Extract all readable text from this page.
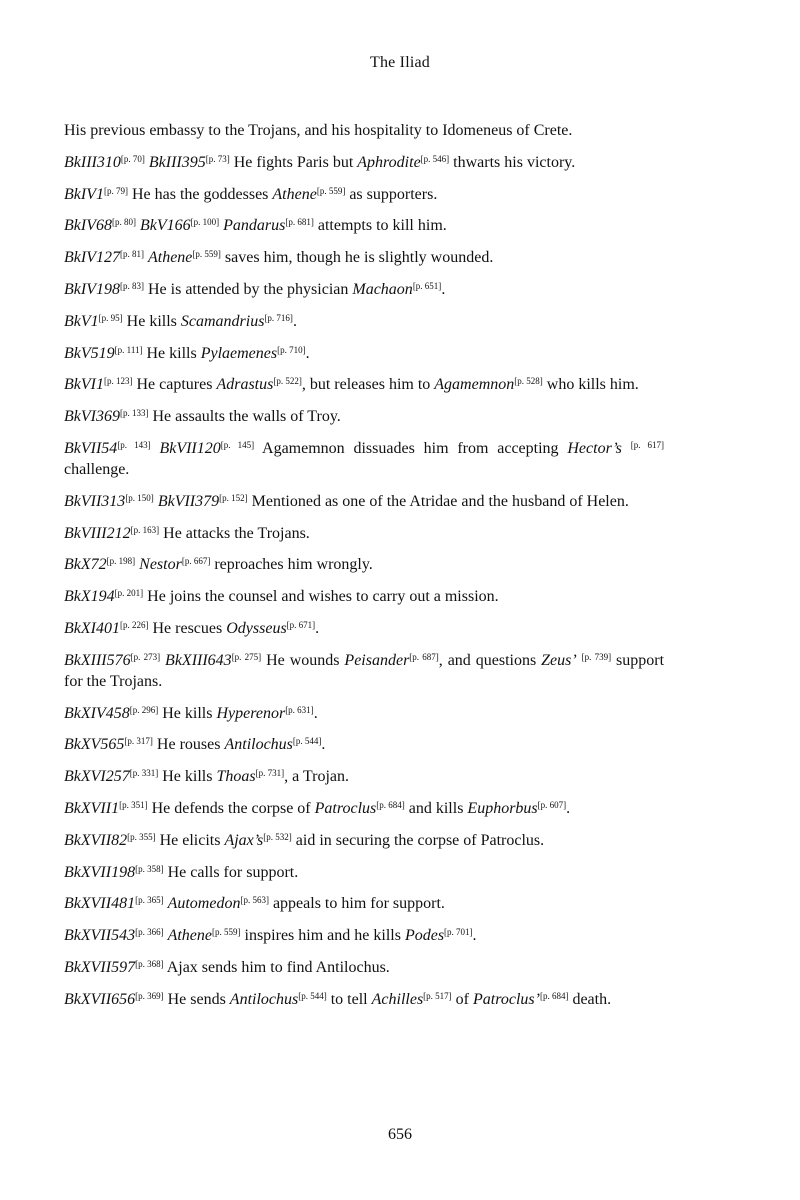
The Iliad
His previous embassy to the Trojans, and his hospitality to Idomeneus of Crete.
BkIII310[p. 70] BkIII395[p. 73] He fights Paris but Aphrodite[p. 546] thwarts his victory.
BkIV1[p. 79] He has the goddesses Athene[p. 559] as supporters.
BkIV68[p. 80] BkV166[p. 100] Pandarus[p. 681] attempts to kill him.
BkIV127[p. 81] Athene[p. 559] saves him, though he is slightly wounded.
BkIV198[p. 83] He is attended by the physician Machaon[p. 651].
BkV1[p. 95] He kills Scamandrius[p. 716].
BkV519[p. 111] He kills Pylaemenes[p. 710].
BkVI1[p. 123] He captures Adrastus[p. 522], but releases him to Agamemnon[p. 528] who kills him.
BkVI369[p. 133] He assaults the walls of Troy.
BkVII54[p. 143] BkVII120[p. 145] Agamemnon dissuades him from accepting Hector’s [p. 617] challenge.
BkVII313[p. 150] BkVII379[p. 152] Mentioned as one of the Atridae and the husband of Helen.
BkVIII212[p. 163] He attacks the Trojans.
BkX72[p. 198] Nestor[p. 667] reproaches him wrongly.
BkX194[p. 201] He joins the counsel and wishes to carry out a mission.
BkXI401[p. 226] He rescues Odysseus[p. 671].
BkXIII576[p. 273] BkXIII643[p. 275] He wounds Peisander[p. 687], and questions Zeus’ [p. 739] support for the Trojans.
BkXIV458[p. 296] He kills Hyperenor[p. 631].
BkXV565[p. 317] He rouses Antilochus[p. 544].
BkXVI257[p. 331] He kills Thoas[p. 731], a Trojan.
BkXVII1[p. 351] He defends the corpse of Patroclus[p. 684] and kills Euphorbus[p. 607].
BkXVII82[p. 355] He elicits Ajax’s[p. 532] aid in securing the corpse of Patroclus.
BkXVII198[p. 358] He calls for support.
BkXVII481[p. 365] Automedon[p. 563] appeals to him for support.
BkXVII543[p. 366] Athene[p. 559] inspires him and he kills Podes[p. 701].
BkXVII597[p. 368] Ajax sends him to find Antilochus.
BkXVII656[p. 369] He sends Antilochus[p. 544] to tell Achilles[p. 517] of Patroclus’[p. 684] death.
656
